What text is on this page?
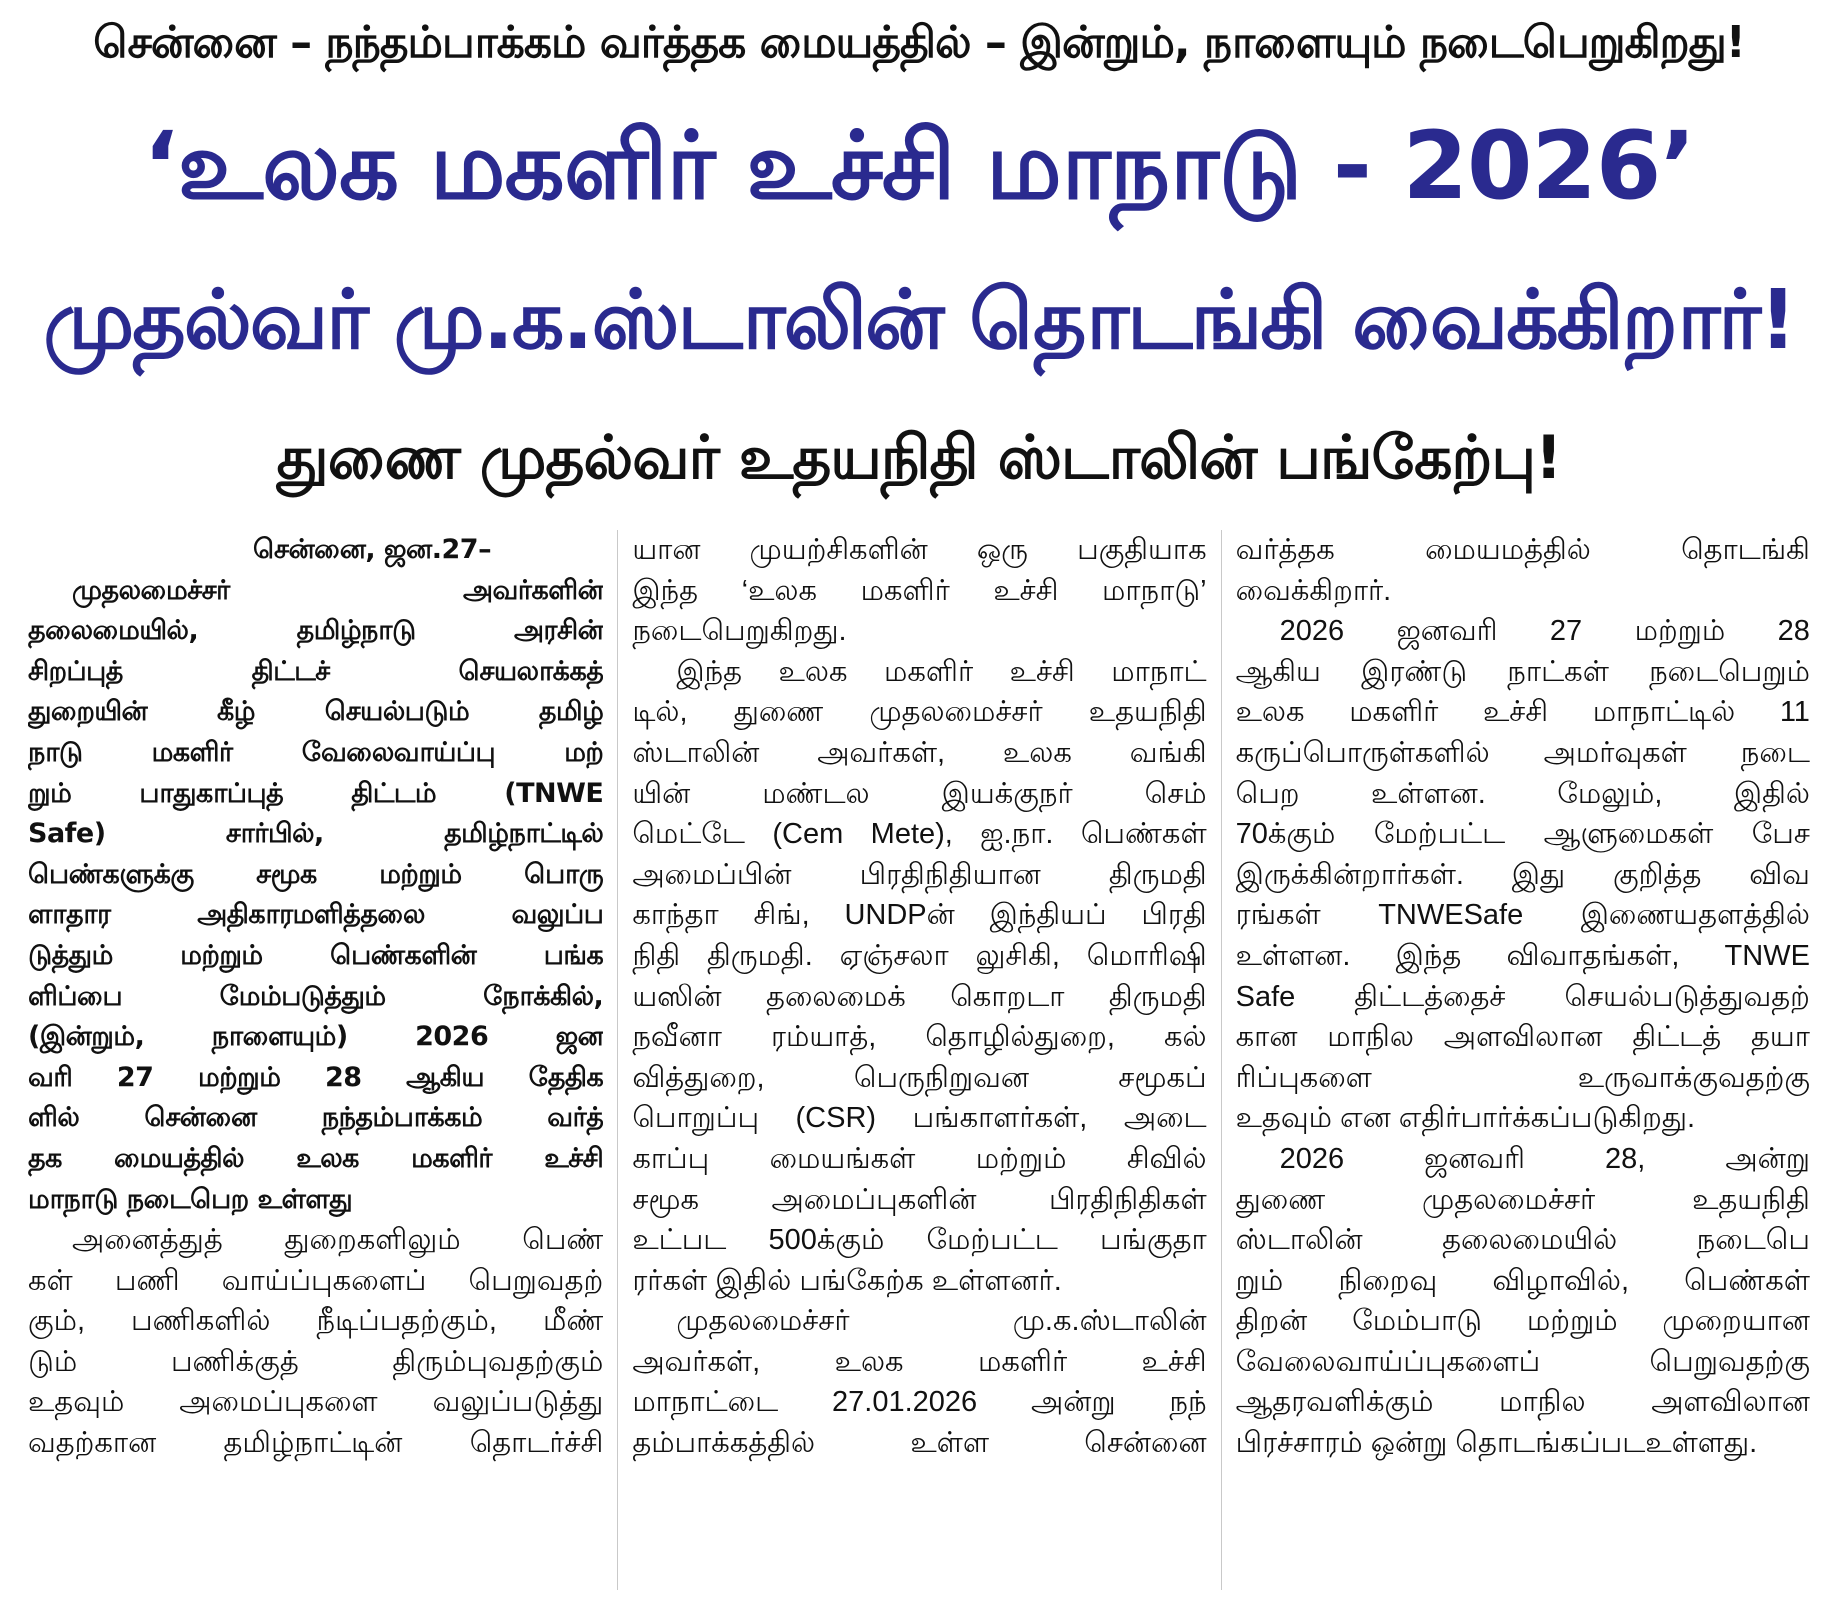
சென்னை – நந்தம்பாக்கம் வர்த்தக மையத்தில் – இன்றும், நாளையும் நடைபெறுகிறது!
‘உலக மகளிர் உச்சி மாநாடு - 2026’
முதல்வர் மு.க.ஸ்டாலின் தொடங்கி வைக்கிறார்!
துணை முதல்வர் உதயநிதி ஸ்டாலின் பங்கேற்பு!
சென்னை, ஜன.27–
முதலமைச்சர் அவர்களின்
தலைமையில், தமிழ்நாடு அரசின்
சிறப்புத் திட்டச் செயலாக்கத்
துறையின் கீழ் செயல்படும் தமிழ்
நாடு மகளிர் வேலைவாய்ப்பு மற்
றும் பாதுகாப்புத் திட்டம் (TNWE
Safe) சார்பில், தமிழ்நாட்டில்
பெண்களுக்கு சமூக மற்றும் பொரு
ளாதார அதிகாரமளித்தலை வலுப்ப
டுத்தும் மற்றும் பெண்களின் பங்க
ளிப்பை மேம்படுத்தும் நோக்கில்,
(இன்றும், நாளையும்) 2026 ஜன
வரி 27 மற்றும் 28 ஆகிய தேதிக
ளில் சென்னை நந்தம்பாக்கம் வர்த்
தக மையத்தில் உலக மகளிர் உச்சி
மாநாடு நடைபெற உள்ளது
அனைத்துத் துறைகளிலும் பெண்
கள் பணி வாய்ப்புகளைப் பெறுவதற்
கும், பணிகளில் நீடிப்பதற்கும், மீண்
டும் பணிக்குத் திரும்புவதற்கும்
உதவும் அமைப்புகளை வலுப்படுத்து
வதற்கான தமிழ்நாட்டின் தொடர்ச்சி
யான முயற்சிகளின் ஒரு பகுதியாக
இந்த ‘உலக மகளிர் உச்சி மாநாடு’
நடைபெறுகிறது.
இந்த உலக மகளிர் உச்சி மாநாட்
டில், துணை முதலமைச்சர் உதயநிதி
ஸ்டாலின் அவர்கள், உலக வங்கி
யின் மண்டல இயக்குநர் செம்
மெட்டே (Cem Mete), ஐ.நா. பெண்கள்
அமைப்பின் பிரதிநிதியான திருமதி
காந்தா சிங், UNDPன் இந்தியப் பிரதி
நிதி திருமதி. ஏஞ்சலா லுசிகி, மொரிஷி
யஸின் தலைமைக் கொறடா திருமதி
நவீனா ரம்யாத், தொழில்துறை, கல்
வித்துறை, பெருநிறுவன சமூகப்
பொறுப்பு (CSR) பங்காளர்கள், அடை
காப்பு மையங்கள் மற்றும் சிவில்
சமூக அமைப்புகளின் பிரதிநிதிகள்
உட்பட 500க்கும் மேற்பட்ட பங்குதா
ரர்கள் இதில் பங்கேற்க உள்ளனர்.
முதலமைச்சர் மு.க.ஸ்டாலின்
அவர்கள், உலக மகளிர் உச்சி
மாநாட்டை 27.01.2026 அன்று நந்
தம்பாக்கத்தில் உள்ள சென்னை
வர்த்தக மையமத்தில் தொடங்கி
வைக்கிறார்.
2026 ஜனவரி 27 மற்றும் 28
ஆகிய இரண்டு நாட்கள் நடைபெறும்
உலக மகளிர் உச்சி மாநாட்டில் 11
கருப்பொருள்களில் அமர்வுகள் நடை
பெற உள்ளன. மேலும், இதில்
70க்கும் மேற்பட்ட ஆளுமைகள் பேச
இருக்கின்றார்கள். இது குறித்த விவ
ரங்கள் TNWESafe இணையதளத்தில்
உள்ளன. இந்த விவாதங்கள், TNWE
Safe திட்டத்தைச் செயல்படுத்துவதற்
கான மாநில அளவிலான திட்டத் தயா
ரிப்புகளை உருவாக்குவதற்கு
உதவும் என எதிர்பார்க்கப்படுகிறது.
2026 ஜனவரி 28, அன்று
துணை முதலமைச்சர் உதயநிதி
ஸ்டாலின் தலைமையில் நடைபெ
றும் நிறைவு விழாவில், பெண்கள்
திறன் மேம்பாடு மற்றும் முறையான
வேலைவாய்ப்புகளைப் பெறுவதற்கு
ஆதரவளிக்கும் மாநில அளவிலான
பிரச்சாரம் ஒன்று தொடங்கப்படஉள்ளது.
